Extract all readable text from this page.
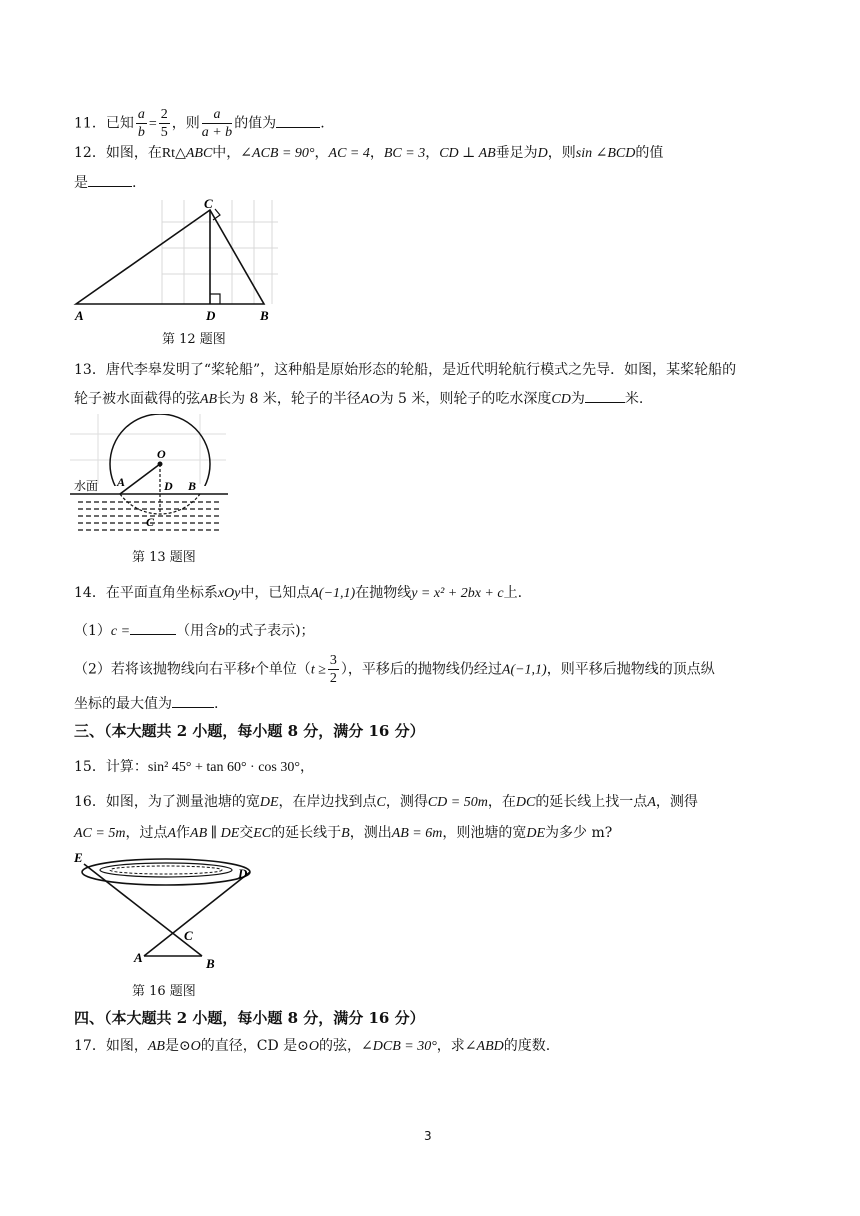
11．已知 $\frac{a}{b} = \frac{2}{5}$ ，则 $\frac{a}{a + b}$ 的值为	.
12．如图，在Rt△ABC中，∠ACB = 90°，AC = 4，BC = 3，CD ⊥ AB垂足为D，则sin ∠BCD的值
是	.
A	B
C
D
第 12 题图
13．唐代李皋发明了“桨轮船”，这种船是原始形态的轮船，是近代明轮航行模式之先导．如图，某桨轮船的
轮子被水面截得的弦AB长为 8 米，轮子的半径AO为 5 米，则轮子的吃水深度CD为	米.
O
A	B
D
C
水面
第 13 题图
14．在平面直角坐标系xOy中，已知点A(−1,1)在抛物线y = x² + 2bx + c上.
（1）c =	（用含b的式子表示)；
（2）若将该抛物线向右平移t个单位（$t \ge \frac{3}{2}$ ），平移后的抛物线仍经过A(−1,1)，则平移后抛物线的顶点纵
坐标的最大值为	.
三、（本大题共 2 小题，每小题 8 分，满分 16 分）
15．计算：sin² 45° + tan 60° · cos 30°，
16．如图，为了测量池塘的宽DE，在岸边找到点C，测得CD = 50m，在DC的延长线上找一点A，测得
AC = 5m，过点A作AB ∥ DE交EC的延长线于B，测出AB = 6m，则池塘的宽DE为多少 m?
E
D
C
A	B
第 16 题图
四、（本大题共 2 小题，每小题 8 分，满分 16 分）
17．如图，AB是⊙O的直径，CD 是⊙O的弦，∠DCB = 30°，求∠ABD的度数.
3
